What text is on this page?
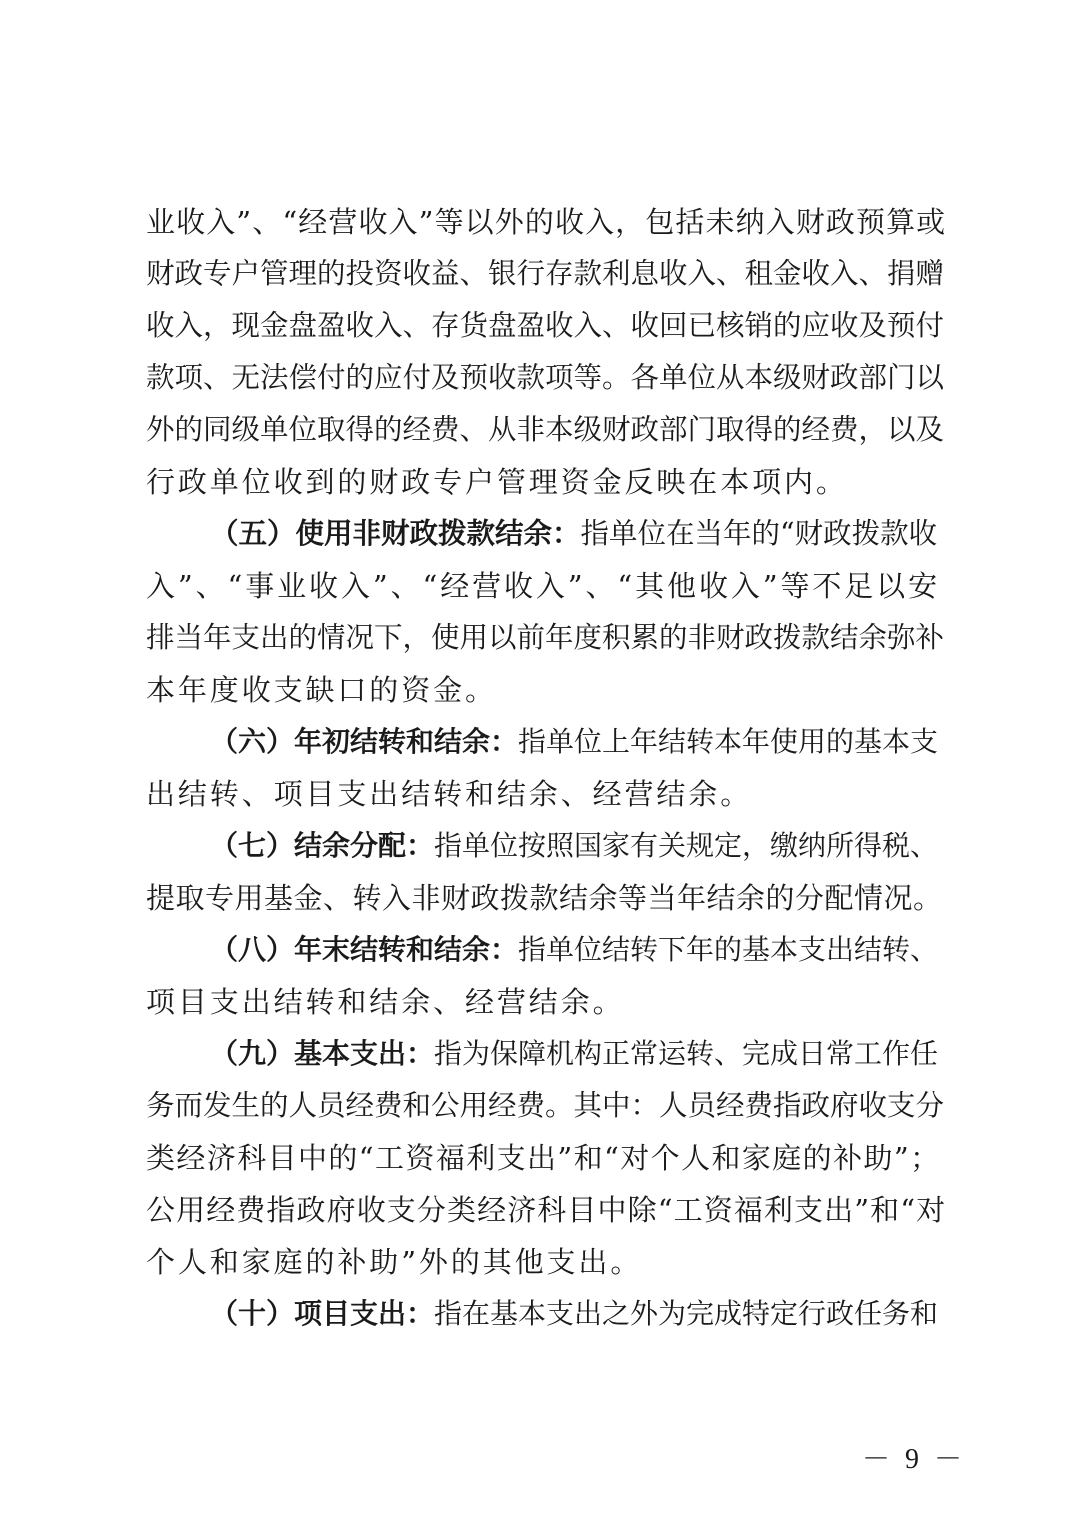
业收入”、“经营收入”等以外的收入，包括未纳入财政预算或
财政专户管理的投资收益、银行存款利息收入、租金收入、捐赠
收入，现金盘盈收入、存货盘盈收入、收回已核销的应收及预付
款项、无法偿付的应付及预收款项等。各单位从本级财政部门以
外的同级单位取得的经费、从非本级财政部门取得的经费，以及
行政单位收到的财政专户管理资金反映在本项内。
（五）使用非财政拨款结余：指单位在当年的“财政拨款收
入”、“事业收入”、“经营收入”、“其他收入”等不足以安
排当年支出的情况下，使用以前年度积累的非财政拨款结余弥补
本年度收支缺口的资金。
（六）年初结转和结余：指单位上年结转本年使用的基本支
出结转、项目支出结转和结余、经营结余。
（七）结余分配：指单位按照国家有关规定，缴纳所得税、
提取专用基金、转入非财政拨款结余等当年结余的分配情况。
（八）年末结转和结余：指单位结转下年的基本支出结转、
项目支出结转和结余、经营结余。
（九）基本支出：指为保障机构正常运转、完成日常工作任
务而发生的人员经费和公用经费。其中：人员经费指政府收支分
类经济科目中的“工资福利支出”和“对个人和家庭的补助”；
公用经费指政府收支分类经济科目中除“工资福利支出”和“对
个人和家庭的补助”外的其他支出。
（十）项目支出：指在基本支出之外为完成特定行政任务和
－ 9 －
